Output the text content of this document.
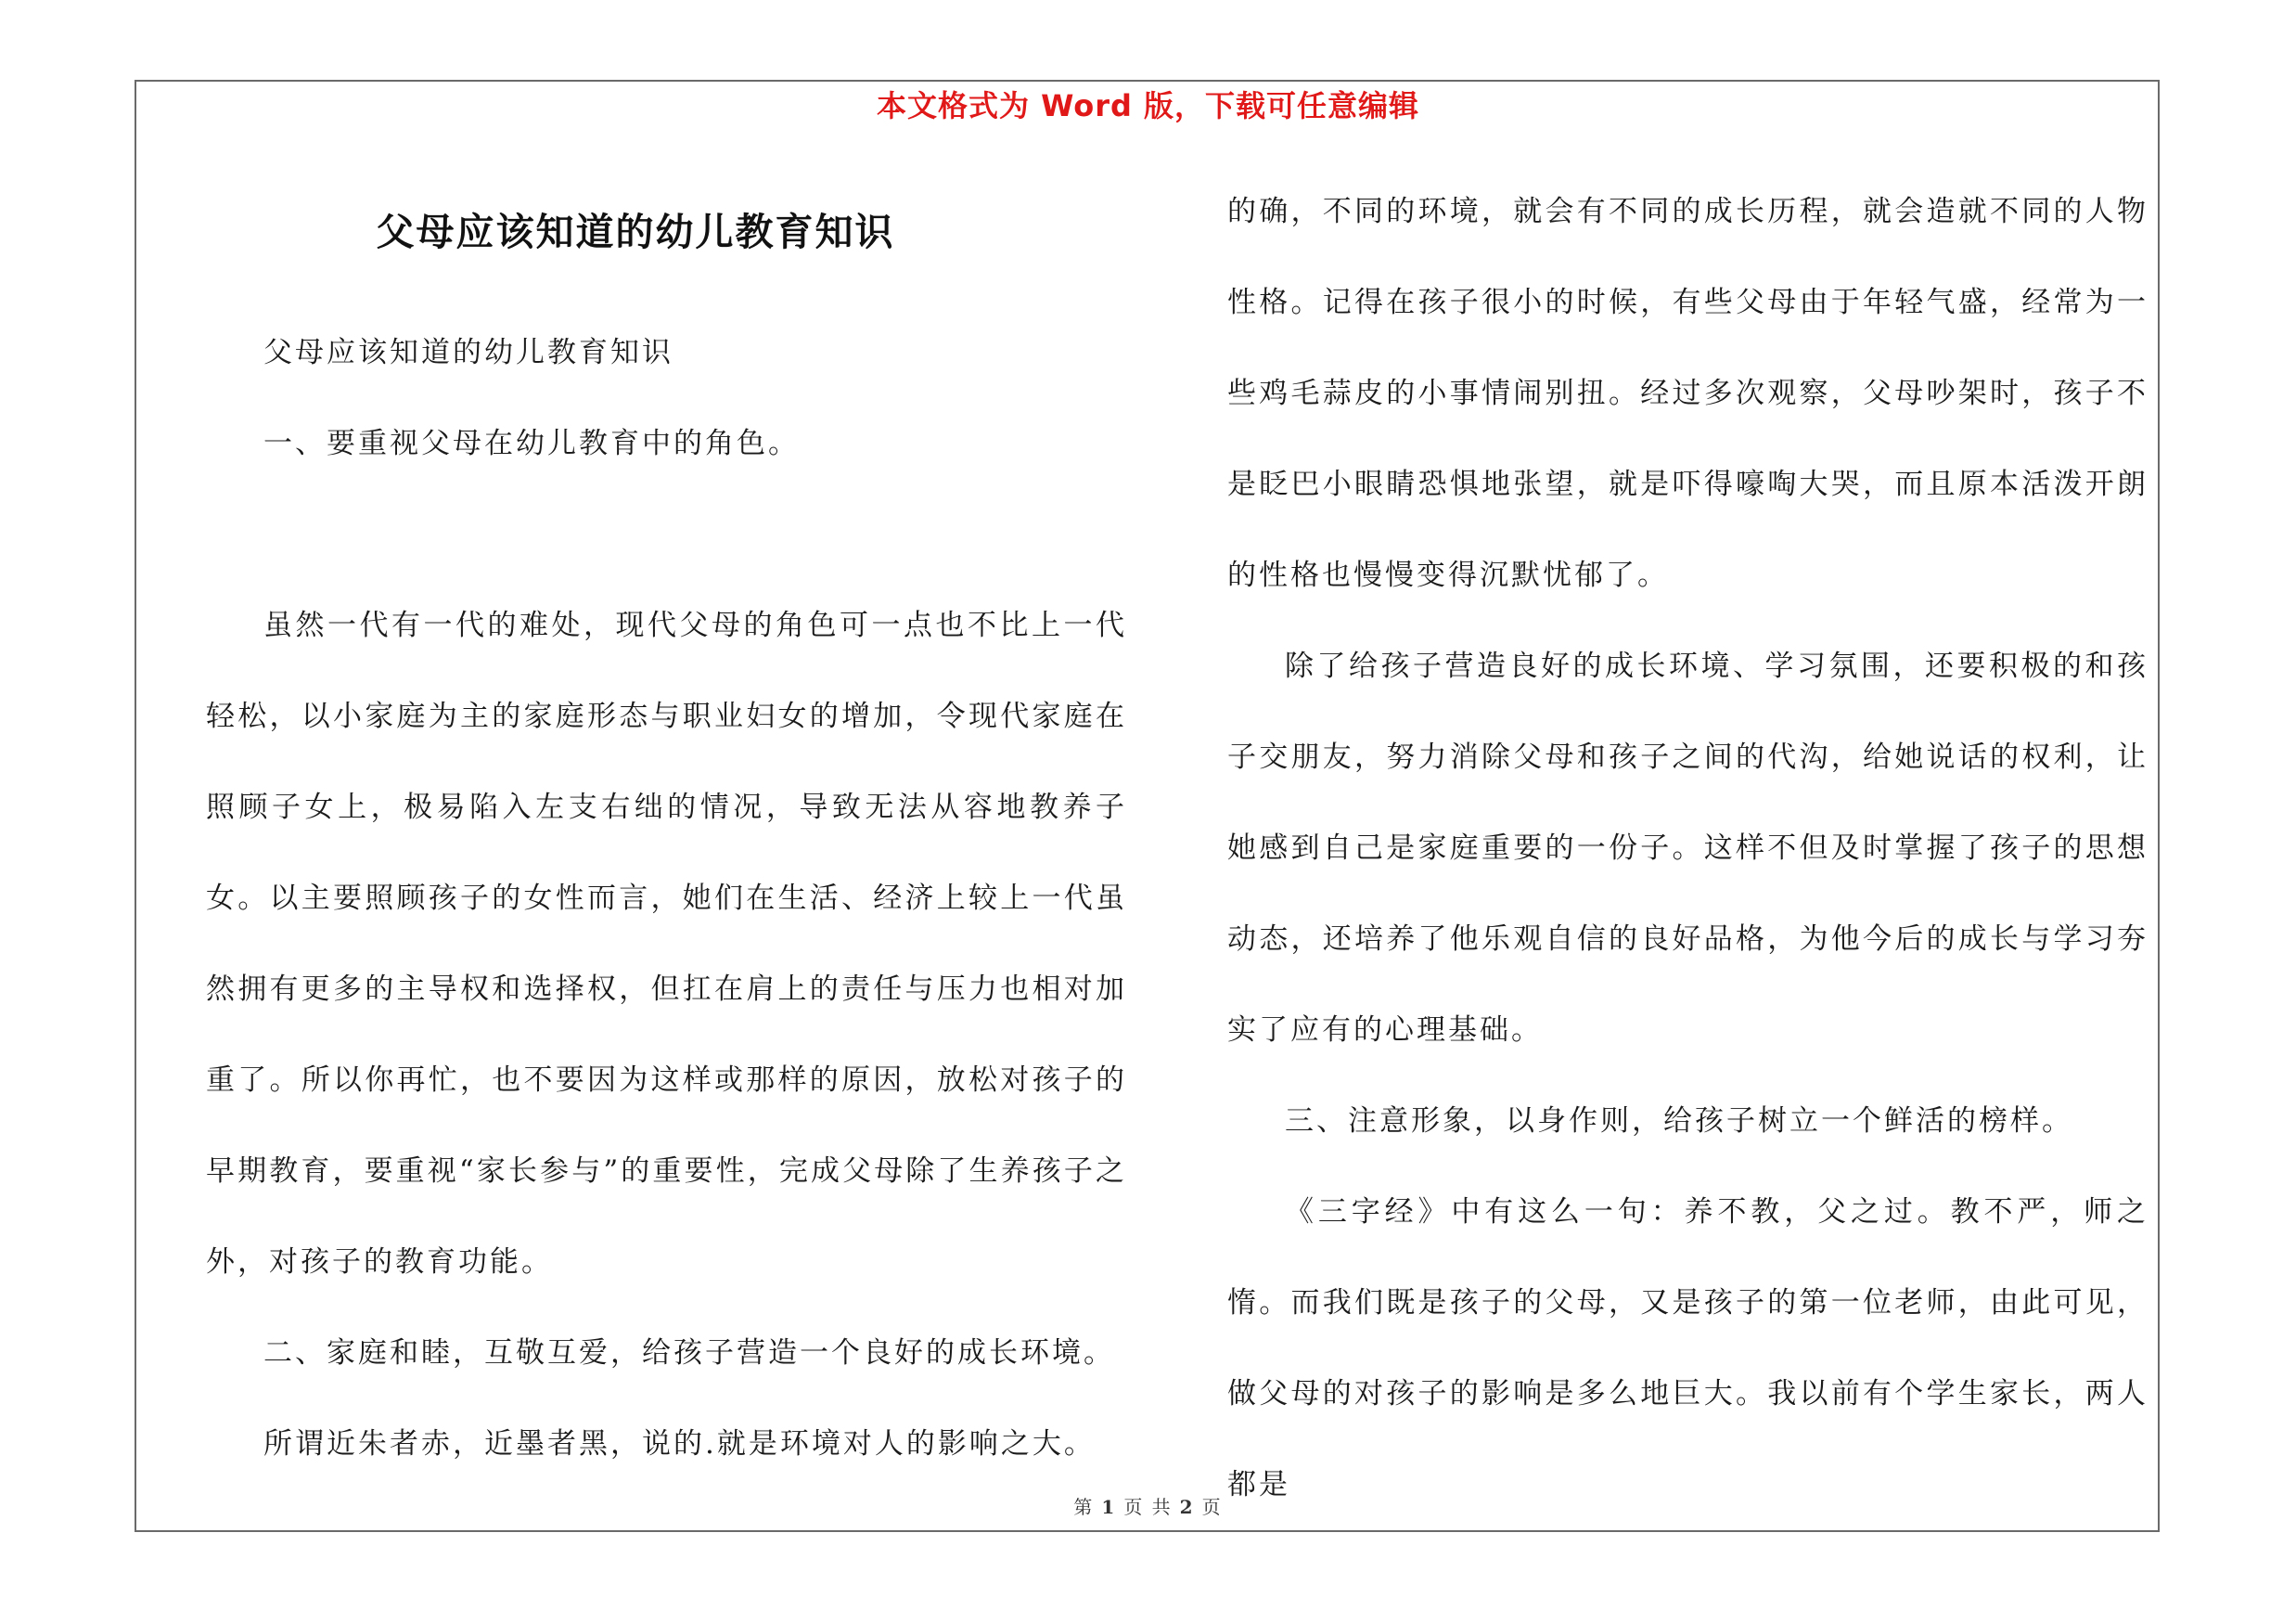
本文格式为 Word 版，下载可任意编辑
父母应该知道的幼儿教育知识

父母应该知道的幼儿教育知识

一、要重视父母在幼儿教育中的角色。

虽然一代有一代的难处，现代父母的角色可一点也不比上一代轻松，以小家庭为主的家庭形态与职业妇女的增加，令现代家庭在照顾子女上，极易陷入左支右绌的情况，导致无法从容地教养子女。以主要照顾孩子的女性而言，她们在生活、经济上较上一代虽然拥有更多的主导权和选择权，但扛在肩上的责任与压力也相对加重了。所以你再忙，也不要因为这样或那样的原因，放松对孩子的早期教育，要重视“家长参与”的重要性，完成父母除了生养孩子之外，对孩子的教育功能。

二、家庭和睦，互敬互爱，给孩子营造一个良好的成长环境。

所谓近朱者赤，近墨者黑，说的.就是环境对人的影响之大。

的确，不同的环境，就会有不同的成长历程，就会造就不同的人物性格。记得在孩子很小的时候，有些父母由于年轻气盛，经常为一些鸡毛蒜皮的小事情闹别扭。经过多次观察，父母吵架时，孩子不是眨巴小眼睛恐惧地张望，就是吓得嚎啕大哭，而且原本活泼开朗的性格也慢慢变得沉默忧郁了。

除了给孩子营造良好的成长环境、学习氛围，还要积极的和孩子交朋友，努力消除父母和孩子之间的代沟，给她说话的权利，让她感到自己是家庭重要的一份子。这样不但及时掌握了孩子的思想动态，还培养了他乐观自信的良好品格，为他今后的成长与学习夯实了应有的心理基础。

三、注意形象，以身作则，给孩子树立一个鲜活的榜样。

《三字经》中有这么一句：养不教，父之过。教不严，师之惰。而我们既是孩子的父母，又是孩子的第一位老师，由此可见，做父母的对孩子的影响是多么地巨大。我以前有个学生家长，两人都是

第 1 页 共 2 页
